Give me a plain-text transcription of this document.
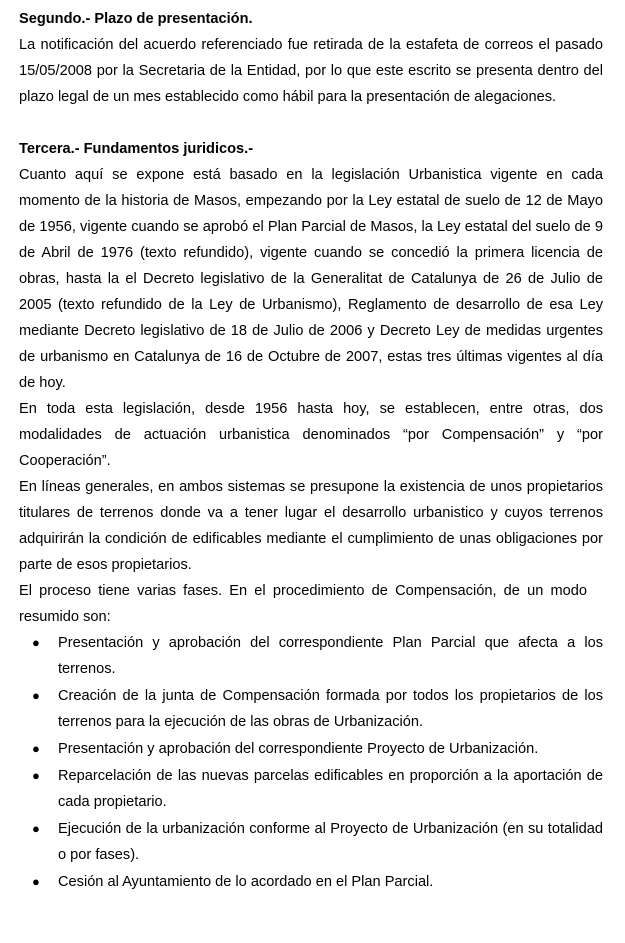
Segundo.- Plazo de presentación.

La notificación del acuerdo referenciado fue retirada de la estafeta de correos el pasado 15/05/2008 por la Secretaria de la Entidad, por lo que este escrito se presenta dentro del plazo legal de un mes establecido como hábil para la presentación de alegaciones.

Tercera.- Fundamentos juridicos.-

Cuanto aquí se expone está basado en la legislación Urbanistica vigente en cada momento de la historia de Masos, empezando por la Ley estatal de suelo de 12 de Mayo de 1956, vigente cuando se aprobó el Plan Parcial de Masos, la Ley estatal del suelo de 9 de Abril de 1976 (texto refundido), vigente cuando se concedió la primera licencia de obras, hasta la el Decreto legislativo de la Generalitat de Catalunya de 26 de Julio de 2005 (texto refundido de la Ley de Urbanismo), Reglamento de desarrollo de esa Ley mediante Decreto legislativo de 18 de Julio de 2006 y Decreto Ley de medidas urgentes de urbanismo en Catalunya de 16 de Octubre de 2007, estas tres últimas vigentes al día de hoy.

En toda esta legislación, desde 1956 hasta hoy, se establecen, entre otras, dos modalidades de actuación urbanistica denominados “por Compensación” y “por Cooperación”.

En líneas generales, en ambos sistemas se presupone la existencia de unos propietarios titulares de terrenos donde va a tener lugar el desarrollo urbanistico y cuyos terrenos adquirirán la condición de edificables mediante el cumplimiento de unas obligaciones por parte de esos propietarios.

El proceso tiene varias fases. En el procedimiento de Compensación, de un modo resumido son:

● Presentación y aprobación del correspondiente Plan Parcial que afecta a los terrenos.
● Creación de la junta de Compensación formada por todos los propietarios de los terrenos para la ejecución de las obras de Urbanización.
● Presentación y aprobación del correspondiente Proyecto de Urbanización.
● Reparcelación de las nuevas parcelas edificables en proporción a la aportación de cada propietario.
● Ejecución de la urbanización conforme al Proyecto de Urbanización (en su totalidad o por fases).
● Cesión al Ayuntamiento de lo acordado en el Plan Parcial.
